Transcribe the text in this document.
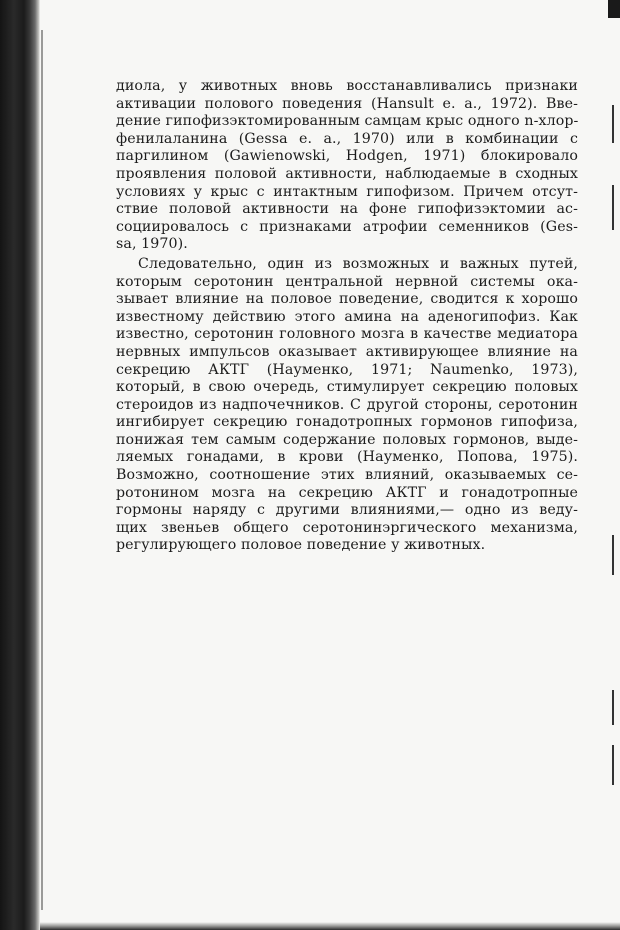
диола, у животных вновь восстанавливались признаки
активации полового поведения (Hansult e. a., 1972). Вве-
дение гипофизэктомированным самцам крыс одного n-хлор-
фенилаланина (Gessa e. a., 1970) или в комбинации с
паргилином (Gawienowski, Hodgen, 1971) блокировало
проявления половой активности, наблюдаемые в сходных
условиях у крыс с интактным гипофизом. Причем отсут-
ствие половой активности на фоне гипофизэктомии ас-
социировалось с признаками атрофии семенников (Ges-
sa, 1970).
Следовательно, один из возможных и важных путей,
которым серотонин центральной нервной системы ока-
зывает влияние на половое поведение, сводится к хорошо
известному действию этого амина на аденогипофиз. Как
известно, серотонин головного мозга в качестве медиатора
нервных импульсов оказывает активирующее влияние на
секрецию АКТГ (Науменко, 1971; Naumenko, 1973),
который, в свою очередь, стимулирует секрецию половых
стероидов из надпочечников. С другой стороны, серотонин
ингибирует секрецию гонадотропных гормонов гипофиза,
понижая тем самым содержание половых гормонов, выде-
ляемых гонадами, в крови (Науменко, Попова, 1975).
Возможно, соотношение этих влияний, оказываемых се-
ротонином мозга на секрецию АКТГ и гонадотропные
гормоны наряду с другими влияниями,— одно из веду-
щих звеньев общего серотонинэргического механизма,
регулирующего половое поведение у животных.
